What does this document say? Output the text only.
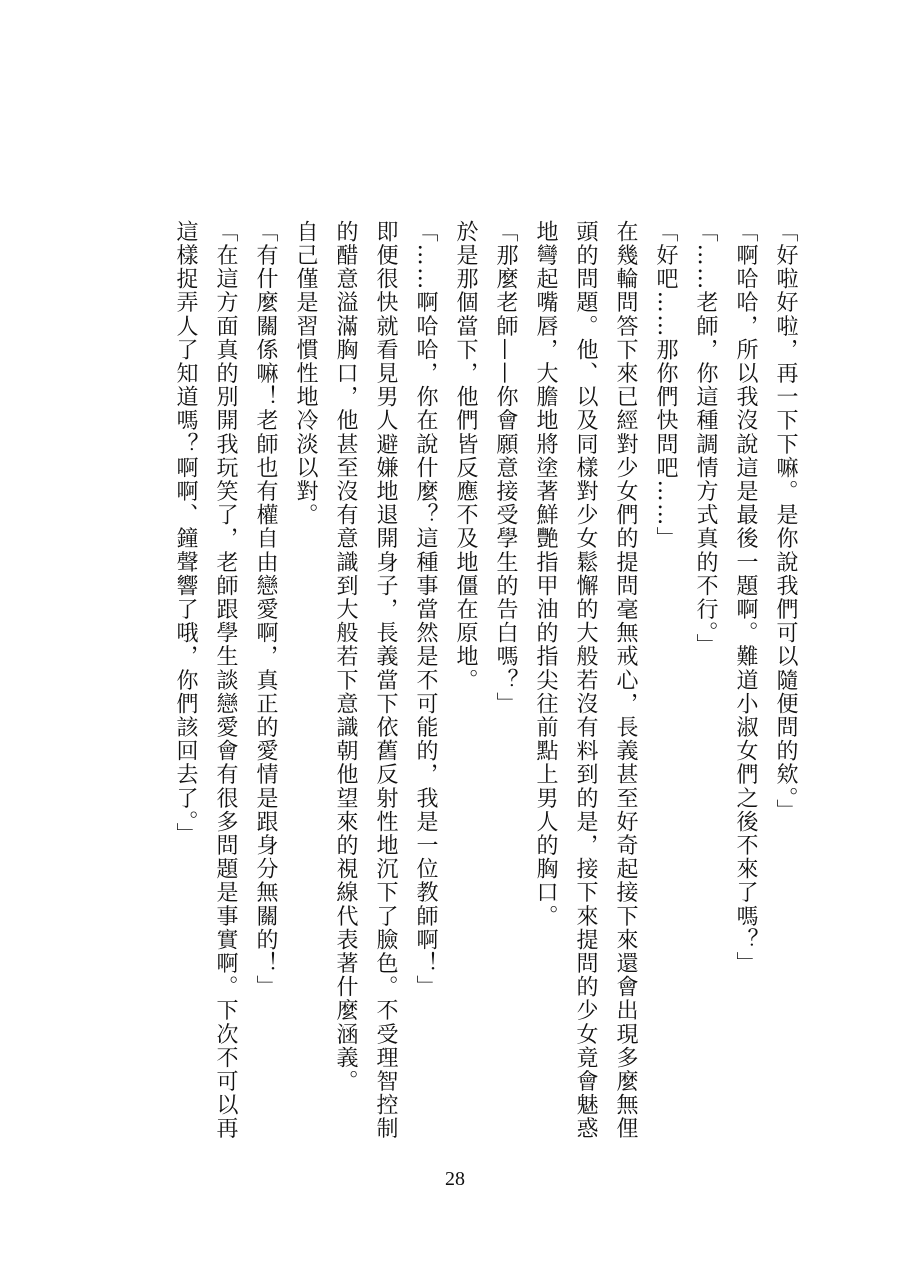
「好啦好啦，再一下下嘛。是你說我們可以隨便問的欸。」

「啊哈哈，所以我沒說這是最後一題啊。難道小淑女們之後不來了嗎？」

「……老師，你這種調情方式真的不行。」

「好吧……那你們快問吧……」

在幾輪問答下來已經對少女們的提問毫無戒心，長義甚至好奇起接下來還會出現多麼無俚頭的問題。他、以及同樣對少女鬆懈的大般若沒有料到的是，接下來提問的少女竟會魅惑地彎起嘴唇，大膽地將塗著鮮艷指甲油的指尖往前點上男人的胸口。

「那麼老師——你會願意接受學生的告白嗎？」

於是那個當下，他們皆反應不及地僵在原地。

「……啊哈哈，你在說什麼？這種事當然是不可能的，我是一位教師啊！」

即便很快就看見男人避嫌地退開身子，長義當下依舊反射性地沉下了臉色。不受理智控制的醋意溢滿胸口，他甚至沒有意識到大般若下意識朝他望來的視線代表著什麼涵義。

自己僅是習慣性地冷淡以對。

「有什麼關係嘛！老師也有權自由戀愛啊，真正的愛情是跟身分無關的！」

「在這方面真的別開我玩笑了，老師跟學生談戀愛會有很多問題是事實啊。下次不可以再這樣捉弄人了知道嗎？啊啊、鐘聲響了哦，你們該回去了。」

28
